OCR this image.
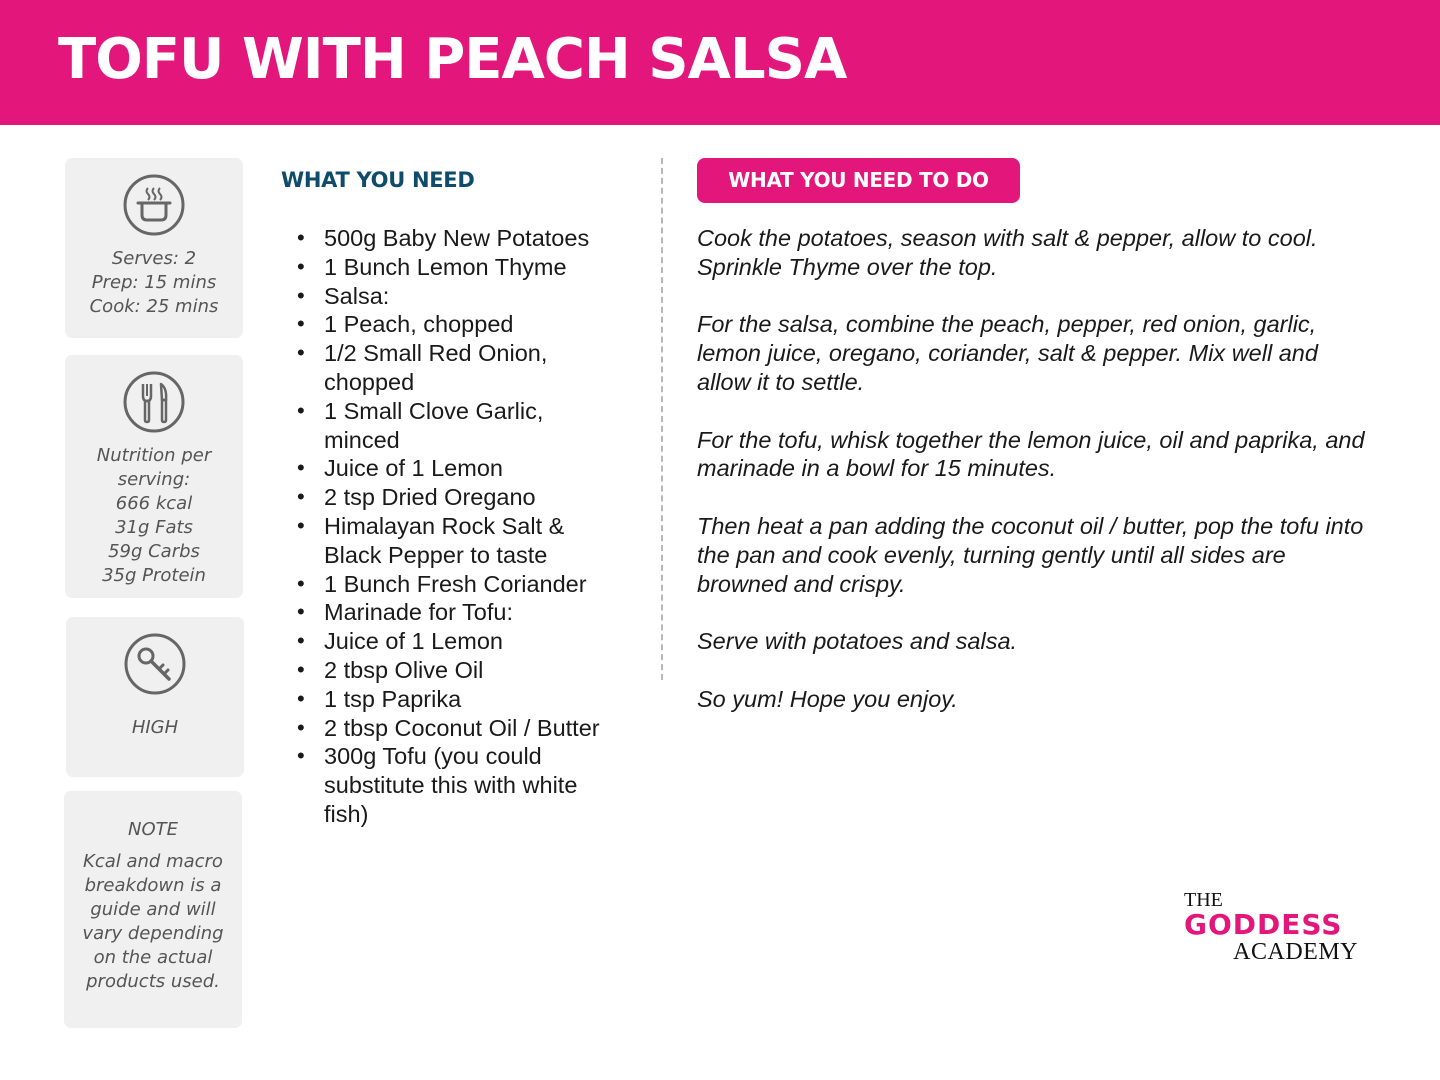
TOFU WITH PEACH SALSA
Serves: 2
Prep: 15 mins
Cook: 25 mins
Nutrition per
serving:
666 kcal
31g Fats
59g Carbs
35g Protein
HIGH
NOTE
Kcal and macro
breakdown is a
guide and will
vary depending
on the actual
products used.
WHAT YOU NEED
• 500g Baby New Potatoes
• 1 Bunch Lemon Thyme
• Salsa:
• 1 Peach, chopped
• 1/2 Small Red Onion, chopped
• 1 Small Clove Garlic, minced
• Juice of 1 Lemon
• 2 tsp Dried Oregano
• Himalayan Rock Salt & Black Pepper to taste
• 1 Bunch Fresh Coriander
• Marinade for Tofu:
• Juice of 1 Lemon
• 2 tbsp Olive Oil
• 1 tsp Paprika
• 2 tbsp Coconut Oil / Butter
• 300g Tofu (you could substitute this with white fish)
WHAT YOU NEED TO DO

Cook the potatoes, season with salt & pepper, allow to cool. Sprinkle Thyme over the top.

For the salsa, combine the peach, pepper, red onion, garlic, lemon juice, oregano, coriander, salt & pepper. Mix well and allow it to settle.

For the tofu, whisk together the lemon juice, oil and paprika, and marinade in a bowl for 15 minutes.

Then heat a pan adding the coconut oil / butter, pop the tofu into the pan and cook evenly, turning gently until all sides are browned and crispy.

Serve with potatoes and salsa.

So yum! Hope you enjoy.

THE
GODDESS
ACADEMY
